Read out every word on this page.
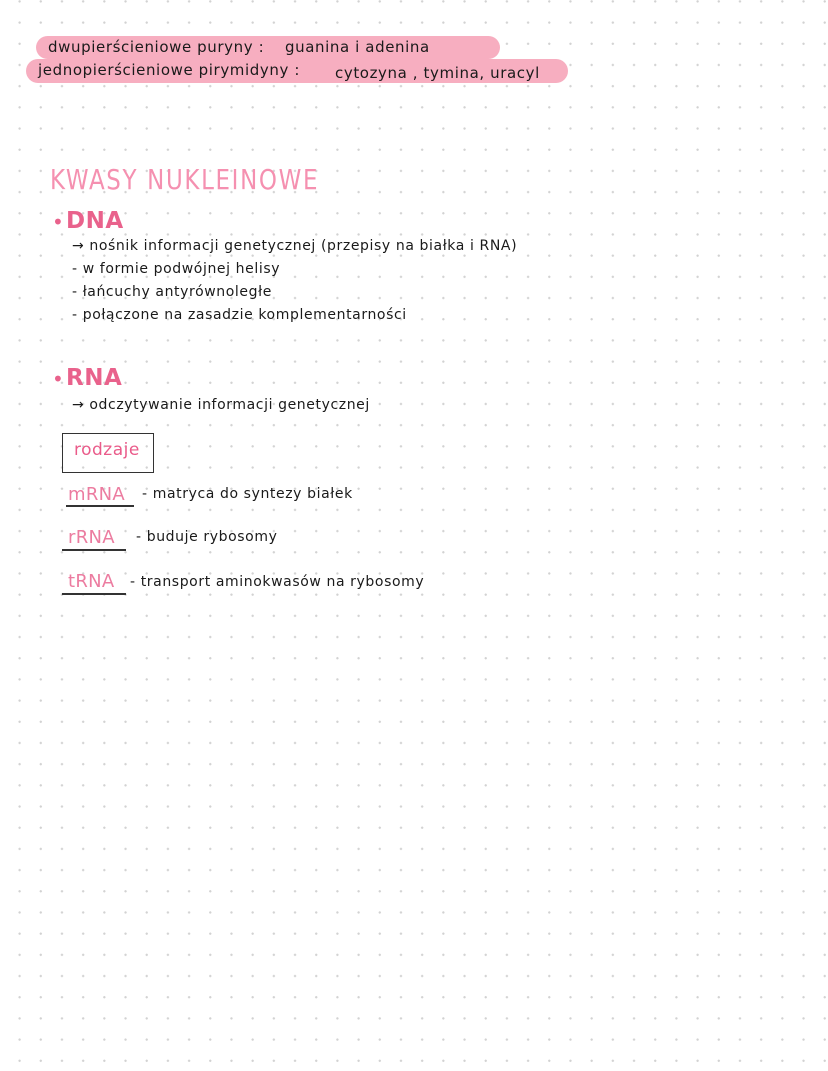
dwupierścieniowe puryny : guanina i adenina
jednopierścieniowe pirymidyny : cytozyna , tymina, uracyl
KWASY NUKLEINOWE
• DNA
→ nośnik informacji genetycznej (przepisy na białka i RNA)
- w formie podwójnej helisy
- łańcuchy antyrównoległe
- połączone na zasadzie komplementarności
• RNA
→ odczytywanie informacji genetycznej
rodzaje
mRNA - matryca do syntezy białek
rRNA - buduje rybosomy
tRNA - transport aminokwasów na rybosomy
